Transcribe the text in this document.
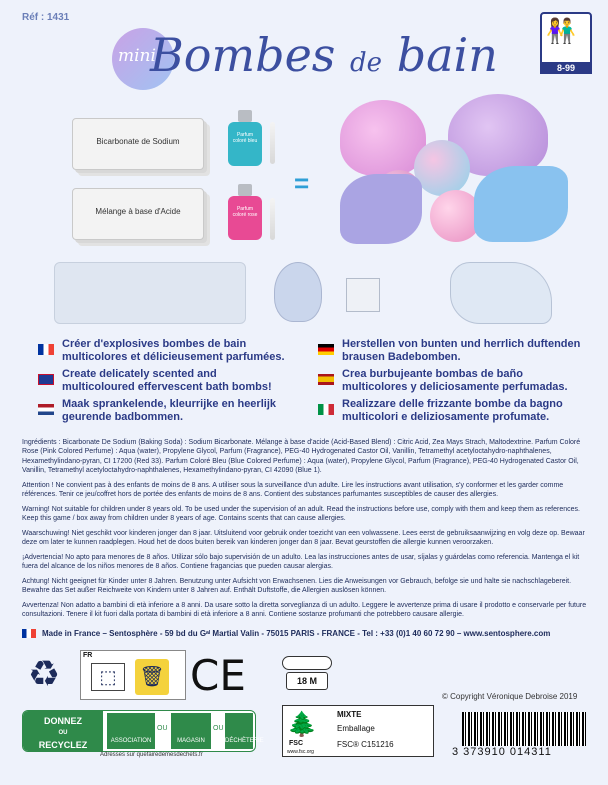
Réf : 1431
mini
Bombes de bain 👫
8-99
Bicarbonate de Sodium
Mélange à base d'Acide
Parfum coloré bleu
Parfum coloré rose
=
Créer d'explosives bombes de bain multicolores et délicieusement parfumées.
Create delicately scented and multicoloured effervescent bath bombs!
Maak sprankelende, kleurrijke en heerlijk geurende badbommen.
Herstellen von bunten und herrlich duftenden brausen Badebomben.
Crea burbujeante bombas de baño multicolores y deliciosamente perfumadas.
Realizzare delle frizzante bombe da bagno multicolori e deliziosamente profumate.
Ingrédients : Bicarbonate De Sodium (Baking Soda) : Sodium Bicarbonate. Mélange à base d'acide (Acid-Based Blend) : Citric Acid, Zea Mays Strach, Maltodextrine. Parfum Coloré Rose (Pink Colored Perfume) : Aqua (water), Propylene Glycol, Parfum (Fragrance), PEG-40 Hydrogenated Castor Oil, Vanillin, Tetramethyl acetyloctahydro-naphthalenes, Hexamethylindano-pyran, CI 17200 (Red 33). Parfum Coloré Bleu (Blue Colored Perfume) : Aqua (water), Propylene Glycol, Parfum (Fragrance), PEG-40 Hydrogenated Castor Oil, Vanillin, Tetramethyl acetyloctahydro-naphthalenes, Hexamethylindano-pyran, CI 42090 (Blue 1).
Attention ! Ne convient pas à des enfants de moins de 8 ans. A utiliser sous la surveillance d'un adulte. Lire les instructions avant utilisation, s'y conformer et les garder comme références. Tenir ce jeu/coffret hors de portée des enfants de moins de 8 ans. Contient des substances parfumantes susceptibles de causer des allergies.
Warning! Not suitable for children under 8 years old. To be used under the supervision of an adult. Read the instructions before use, comply with them and keep them as references. Keep this game / box away from children under 8 years of age. Contains scents that can cause allergies.
Waarschuwing! Niet geschikt voor kinderen jonger dan 8 jaar. Uitsluitend voor gebruik onder toezicht van een volwassene. Lees eerst de gebruiksaanwijzing en volg deze op. Bewaar deze om later te kunnen raadplegen. Houd het de doos buiten bereik van kinderen jonger dan 8 jaar. Bevat geurstoffen die allergie kunnen veroorzaken.
¡Advertencia! No apto para menores de 8 años. Utilizar sólo bajo supervisión de un adulto. Lea las instrucciones antes de usar, síjalas y guárdelas como referencia. Mantenga el kit fuera del alcance de los niños menores de 8 años. Contiene fragancias que pueden causar alergias.
Achtung! Nicht geeignet für Kinder unter 8 Jahren. Benutzung unter Aufsicht von Erwachsenen. Lies die Anweisungen vor Gebrauch, befolge sie und halte sie nachschlagebereit. Bewahre das Set außer Reichweite von Kindern unter 8 Jahren auf. Enthält Duftstoffe, die Allergien auslösen können.
Avvertenza! Non adatto a bambini di età inferiore a 8 anni. Da usare sotto la diretta sorveglianza di un adulto. Leggere le avvertenze prima di usare il prodotto e conservarle per future consultazioni. Tenere il kit fuori dalla portata di bambini di età inferiore a 8 anni. Contiene sostanze profumanti che potrebbero causare allergie.
Made in France – Sentosphère - 59 bd du Gᵃˡ Martial Valin - 75015 PARIS - FRANCE - Tel : +33 (0)1 40 60 72 90 – www.sentosphere.com
♻	FR
⬚	🗑 CE	18 M
© Copyright Véronique Debroise 2019
DONNEZ
OU
RECYCLEZ	ASSOCIATION
OU
MAGASIN
OU
DÉCHÈTERIE
Adresses sur quefairedemesdechets.fr
🌲
FSC
www.fsc.org
MIXTE
Emballage
FSC® C151216
3 373910 014311
